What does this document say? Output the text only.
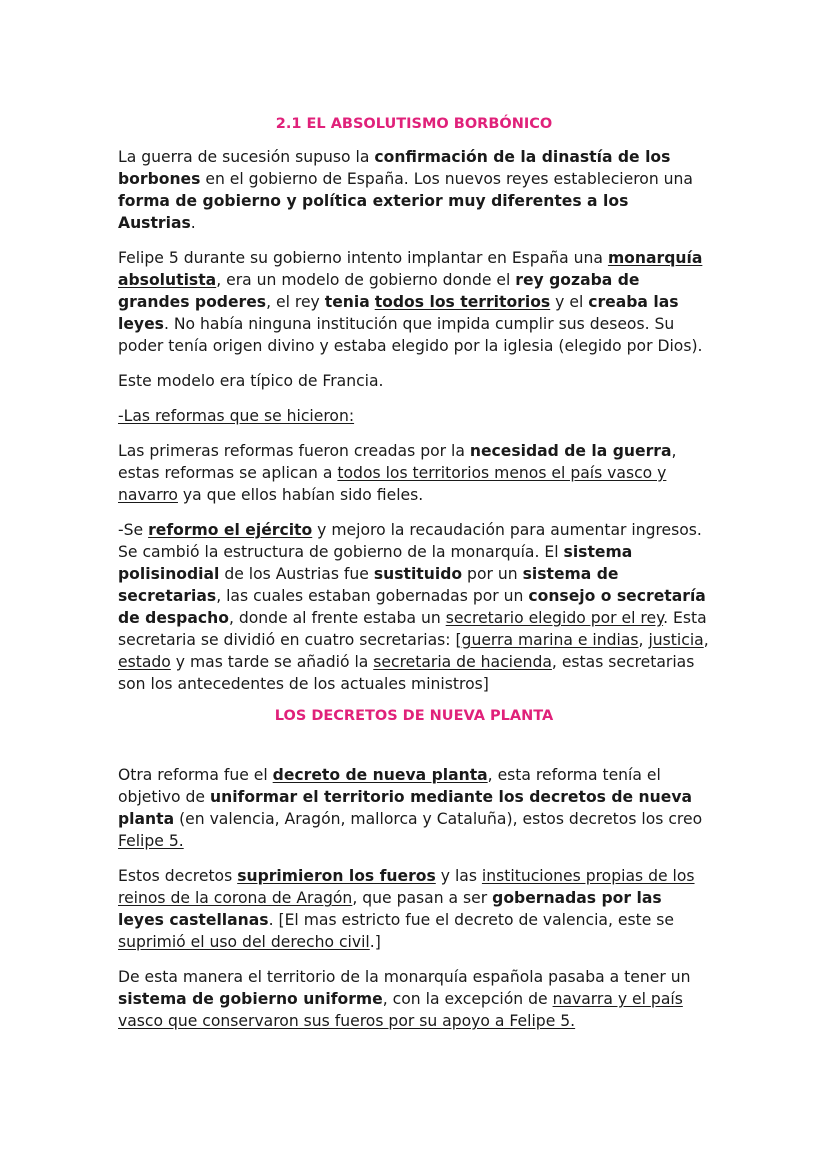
2.1 EL ABSOLUTISMO BORBÓNICO

La guerra de sucesión supuso la confirmación de la dinastía de los borbones en el gobierno de España. Los nuevos reyes establecieron una forma de gobierno y política exterior muy diferentes a los Austrias.

Felipe 5 durante su gobierno intento implantar en España una monarquía absolutista, era un modelo de gobierno donde el rey gozaba de grandes poderes, el rey tenia todos los territorios y el creaba las leyes. No había ninguna institución que impida cumplir sus deseos. Su poder tenía origen divino y estaba elegido por la iglesia (elegido por Dios).

Este modelo era típico de Francia.

-Las reformas que se hicieron:

Las primeras reformas fueron creadas por la necesidad de la guerra, estas reformas se aplican a todos los territorios menos el país vasco y navarro ya que ellos habían sido fieles.

-Se reformo el ejército y mejoro la recaudación para aumentar ingresos. Se cambió la estructura de gobierno de la monarquía. El sistema polisinodial de los Austrias fue sustituido por un sistema de secretarias, las cuales estaban gobernadas por un consejo o secretaría de despacho, donde al frente estaba un secretario elegido por el rey. Esta secretaria se dividió en cuatro secretarias: [guerra marina e indias, justicia, estado y mas tarde se añadió la secretaria de hacienda, estas secretarias son los antecedentes de los actuales ministros]

LOS DECRETOS DE NUEVA PLANTA

Otra reforma fue el decreto de nueva planta, esta reforma tenía el objetivo de uniformar el territorio mediante los decretos de nueva planta (en valencia, Aragón, mallorca y Cataluña), estos decretos los creo Felipe 5.

Estos decretos suprimieron los fueros y las instituciones propias de los reinos de la corona de Aragón, que pasan a ser gobernadas por las leyes castellanas. [El mas estricto fue el decreto de valencia, este se suprimió el uso del derecho civil.]

De esta manera el territorio de la monarquía española pasaba a tener un sistema de gobierno uniforme, con la excepción de navarra y el país vasco que conservaron sus fueros por su apoyo a Felipe 5.
